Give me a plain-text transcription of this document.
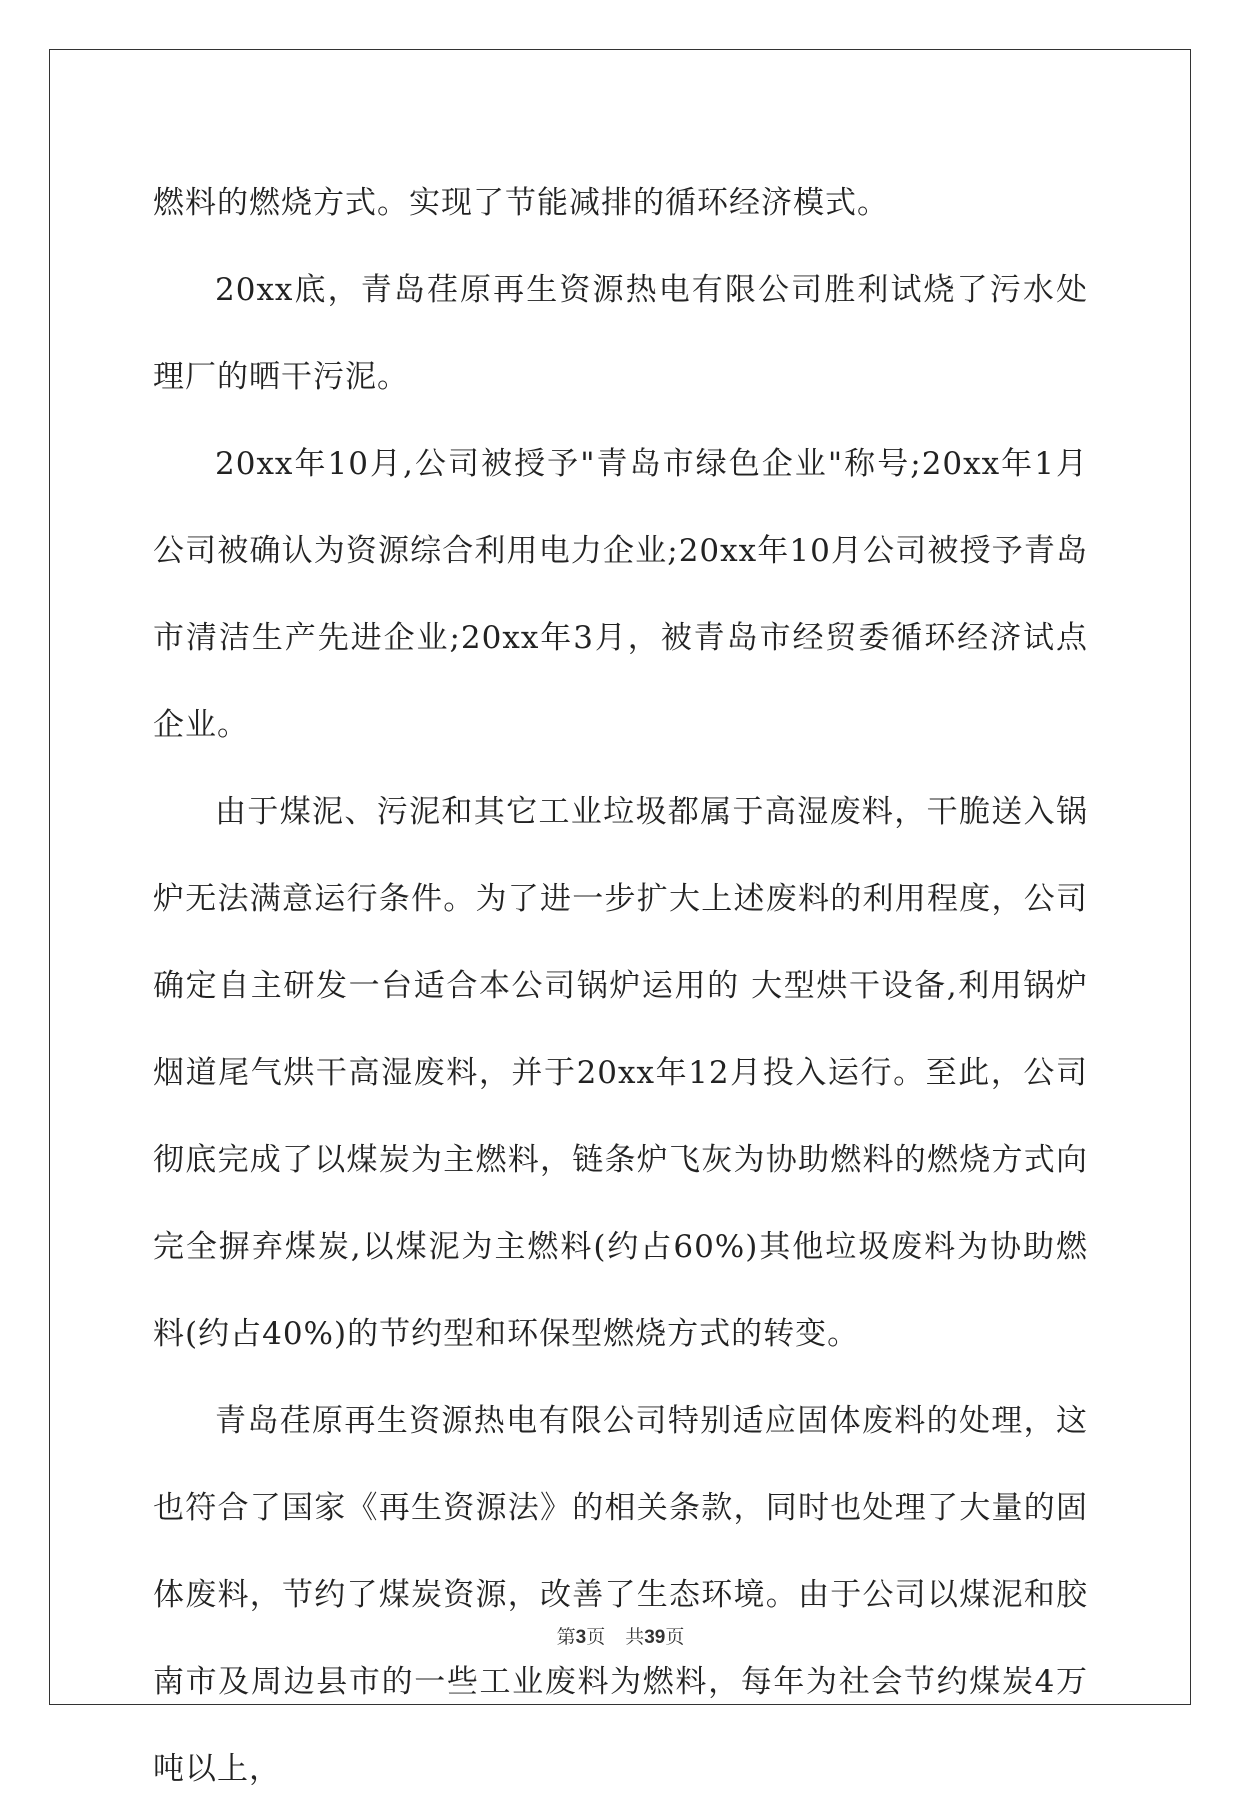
燃料的燃烧方式。实现了节能减排的循环经济模式。

20xx底，青岛荏原再生资源热电有限公司胜利试烧了污水处理厂的晒干污泥。

20xx年10月,公司被授予"青岛市绿色企业"称号;20xx年1月公司被确认为资源综合利用电力企业;20xx年10月公司被授予青岛市清洁生产先进企业;20xx年3月，被青岛市经贸委循环经济试点企业。

由于煤泥、污泥和其它工业垃圾都属于高湿废料，干脆送入锅炉无法满意运行条件。为了进一步扩大上述废料的利用程度，公司确定自主研发一台适合本公司锅炉运用的 大型烘干设备,利用锅炉烟道尾气烘干高湿废料，并于20xx年12月投入运行。至此，公司彻底完成了以煤炭为主燃料，链条炉飞灰为协助燃料的燃烧方式向完全摒弃煤炭,以煤泥为主燃料(约占60%)其他垃圾废料为协助燃料(约占40%)的节约型和环保型燃烧方式的转变。

青岛荏原再生资源热电有限公司特别适应固体废料的处理，这也符合了国家《再生资源法》的相关条款，同时也处理了大量的固体废料，节约了煤炭资源，改善了生态环境。由于公司以煤泥和胶南市及周边县市的一些工业废料为燃料，每年为社会节约煤炭4万吨以上，

第3页 共39页
